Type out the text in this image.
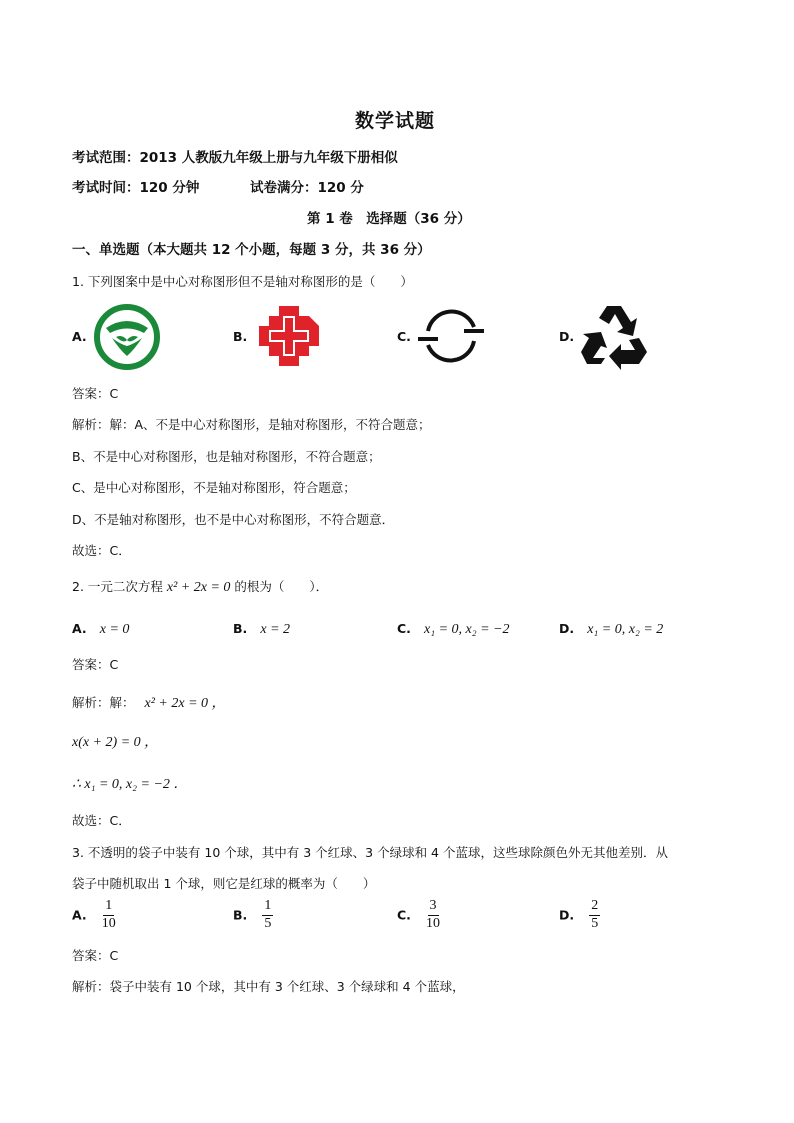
数学试题
考试范围：2013 人教版九年级上册与九年级下册相似
考试时间：120 分钟	试卷满分：120 分
第 1 卷　选择题（36 分）
一、单选题（本大题共 12 个小题，每题 3 分，共 36 分）
1. 下列图案中是中心对称图形但不是轴对称图形的是（　　）
A.	B.	C.	D.
答案：C
解析：解：A、不是中心对称图形，是轴对称图形，不符合题意；
B、不是中心对称图形，也是轴对称图形，不符合题意；
C、是中心对称图形，不是轴对称图形，符合题意；
D、不是轴对称图形，也不是中心对称图形，不符合题意．
故选：C．
2. 一元二次方程 x² + 2x = 0 的根为（　　）．
A. x = 0	B. x = 2	C. x₁ = 0, x₂ = −2	D. x₁ = 0, x₂ = 2
答案：C
解析：解： x² + 2x = 0 ，
x(x + 2) = 0 ，
∴ x₁ = 0, x₂ = −2 ．
故选：C．
3. 不透明的袋子中装有 10 个球，其中有 3 个红球、3 个绿球和 4 个蓝球，这些球除颜色外无其他差别．从
袋子中随机取出 1 个球，则它是红球的概率为（　　）
A. $\frac{1}{10}$	B. $\frac{1}{5}$	C. $\frac{3}{10}$	D. $\frac{2}{5}$
答案：C
解析：袋子中装有 10 个球，其中有 3 个红球、3 个绿球和 4 个蓝球，
